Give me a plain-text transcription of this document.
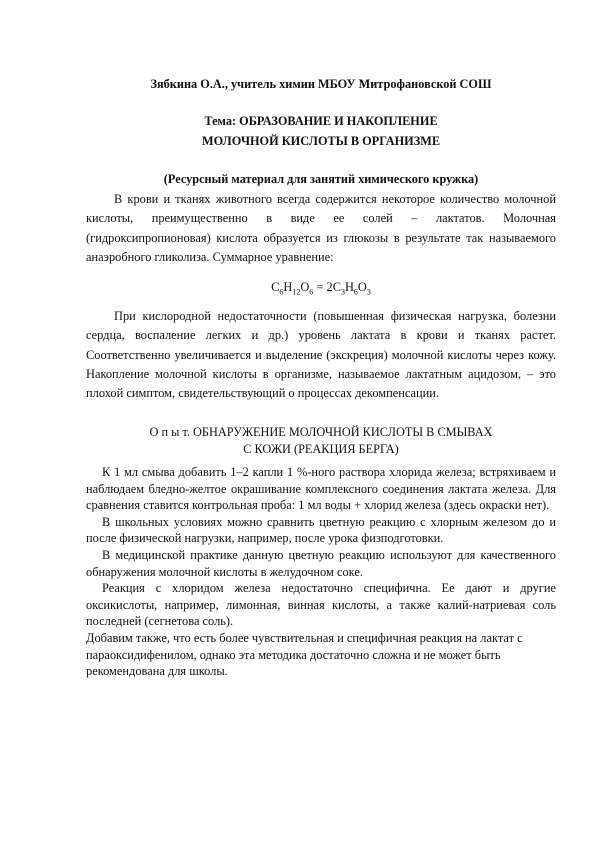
Зябкина О.А., учитель химии МБОУ Митрофановской СОШ
Тема: ОБРАЗОВАНИЕ И НАКОПЛЕНИЕ
МОЛОЧНОЙ КИСЛОТЫ В ОРГАНИЗМЕ
(Ресурсный материал для занятий химического кружка)

В крови и тканях животного всегда содержится некоторое количество молочной кислоты, преимущественно в виде ее солей – лактатов. Молочная (гидроксипропионовая) кислота образуется из глюкозы в результате так называемого анаэробного гликолиза. Суммарное уравнение:

$C_6H_{12}O_6 = 2C_3H_6O_3$

При кислородной недостаточности (повышенная физическая нагрузка, болезни сердца, воспаление легких и др.) уровень лактата в крови и тканях растет. Соответственно увеличивается и выделение (экскреция) молочной кислоты через кожу. Накопление молочной кислоты в организме, называемое лактатным ацидозом, – это плохой симптом, свидетельствующий о процессах декомпенсации.

О п ы т. ОБНАРУЖЕНИЕ МОЛОЧНОЙ КИСЛОТЫ В СМЫВАХ
С КОЖИ (РЕАКЦИЯ БЕРГА)

К 1 мл смыва добавить 1–2 капли 1 %-ного раствора хлорида железа; встряхиваем и наблюдаем бледно-желтое окрашивание комплексного соединения лактата железа. Для сравнения ставится контрольная проба: 1 мл воды + хлорид железа (здесь окраски нет).

В школьных условиях можно сравнить цветную реакцию с хлорным железом до и после физической нагрузки, например, после урока физподготовки.

В медицинской практике данную цветную реакцию используют для качественного обнаружения молочной кислоты в желудочном соке.

Реакция с хлоридом железа недостаточно специфична. Ее дают и другие оксикислоты, например, лимонная, винная кислоты, а также калий-натриевая соль последней (сегнетова соль).

Добавим также, что есть более чувствительная и специфичная реакция на лактат с параоксидифенилом, однако эта методика достаточно сложна и не может быть рекомендована для школы.
